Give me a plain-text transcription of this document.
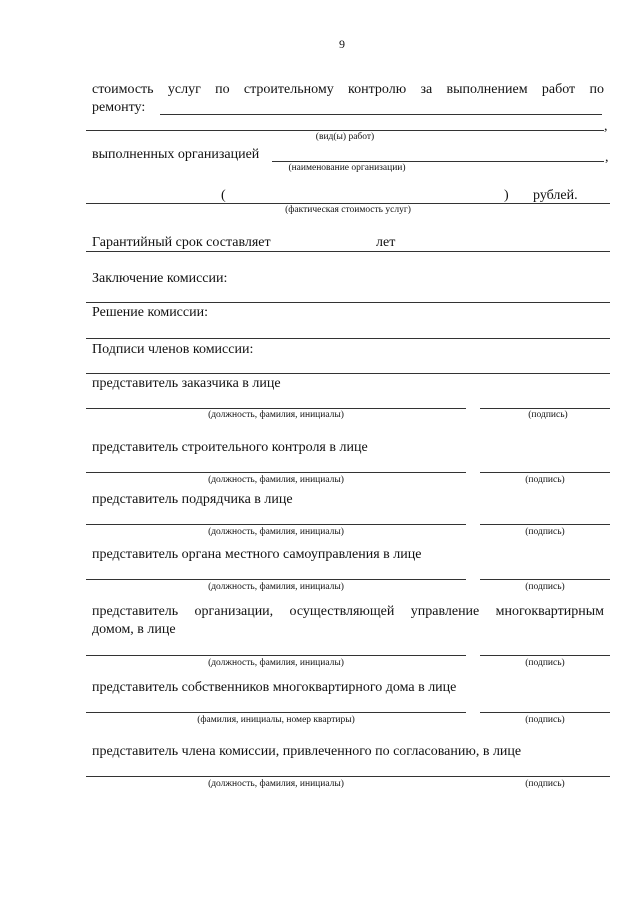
9
стоимость услуг по строительному контролю за выполнением работ по
ремонту:
,
(вид(ы) работ)
выполненных организацией	,
(наименование организации)
(	) рублей.
(фактическая стоимость услуг)
Гарантийный срок составляет	лет
Заключение комиссии:
Решение комиссии:
Подписи членов комиссии:
представитель заказчика в лице
(должность, фамилия, инициалы)	(подпись)
представитель строительного контроля в лице
(должность, фамилия, инициалы)	(подпись)
представитель подрядчика в лице
(должность, фамилия, инициалы)	(подпись)
представитель органа местного самоуправления в лице
(должность, фамилия, инициалы)	(подпись)
представитель организации, осуществляющей управление многоквартирным
домом, в лице
(должность, фамилия, инициалы)	(подпись)
представитель собственников многоквартирного дома в лице
(фамилия, инициалы, номер квартиры)	(подпись)
представитель члена комиссии, привлеченного по согласованию, в лице
(должность, фамилия, инициалы)	(подпись)
